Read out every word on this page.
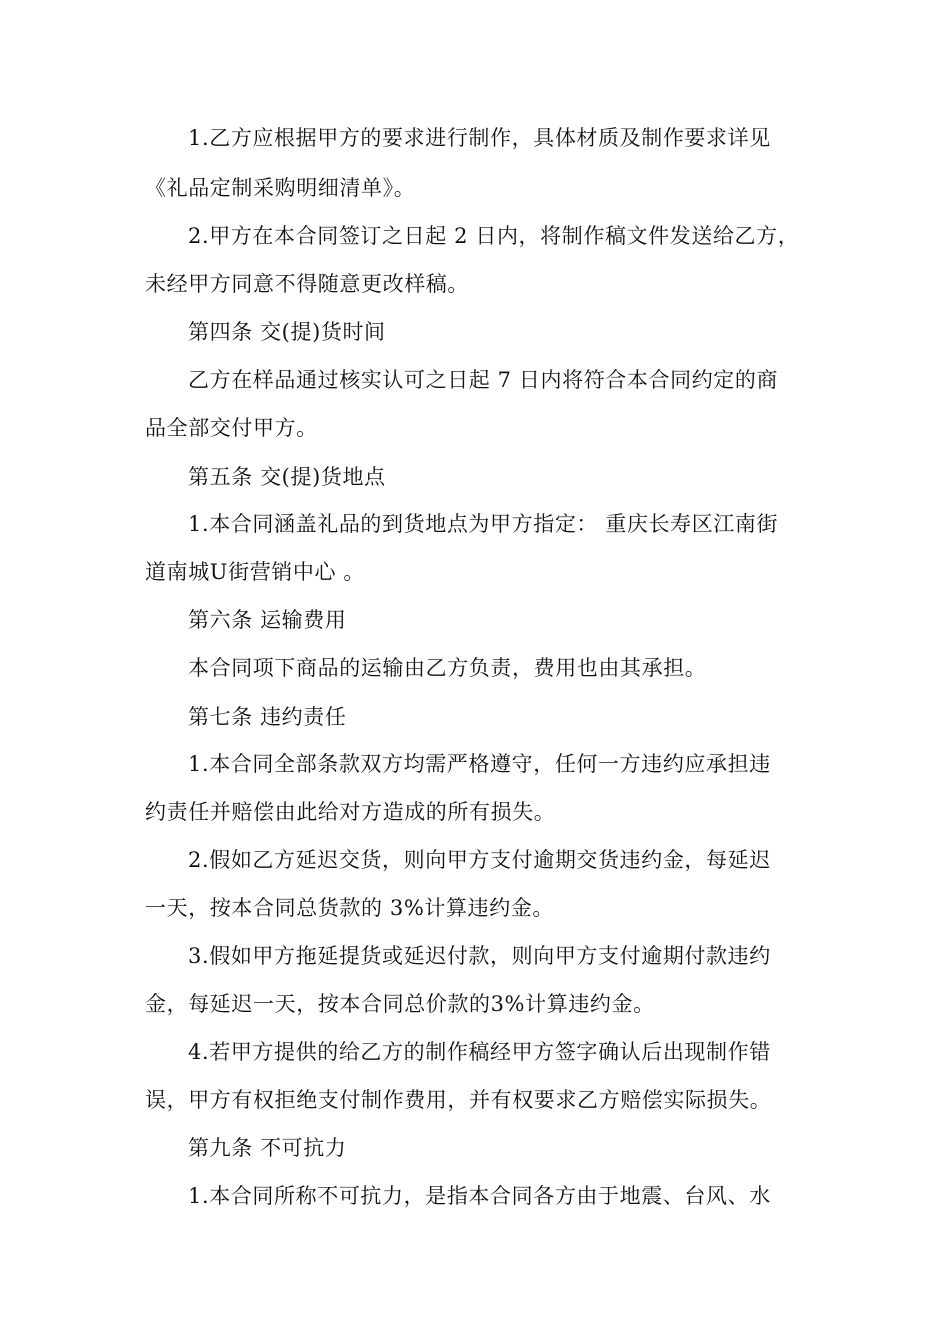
1.乙方应根据甲方的要求进行制作，具体材质及制作要求详见
《礼品定制采购明细清单》。
2.甲方在本合同签订之日起 2 日内，将制作稿文件发送给乙方，
未经甲方同意不得随意更改样稿。
第四条 交(提)货时间
乙方在样品通过核实认可之日起 7 日内将符合本合同约定的商
品全部交付甲方。
第五条 交(提)货地点
1.本合同涵盖礼品的到货地点为甲方指定： 重庆长寿区江南街
道南城U街营销中心 。
第六条 运输费用
本合同项下商品的运输由乙方负责，费用也由其承担。
第七条 违约责任
1.本合同全部条款双方均需严格遵守，任何一方违约应承担违
约责任并赔偿由此给对方造成的所有损失。
2.假如乙方延迟交货，则向甲方支付逾期交货违约金，每延迟
一天，按本合同总货款的 3%计算违约金。
3.假如甲方拖延提货或延迟付款，则向甲方支付逾期付款违约
金，每延迟一天，按本合同总价款的3%计算违约金。
4.若甲方提供的给乙方的制作稿经甲方签字确认后出现制作错
误，甲方有权拒绝支付制作费用，并有权要求乙方赔偿实际损失。
第九条 不可抗力
1.本合同所称不可抗力，是指本合同各方由于地震、台风、水
